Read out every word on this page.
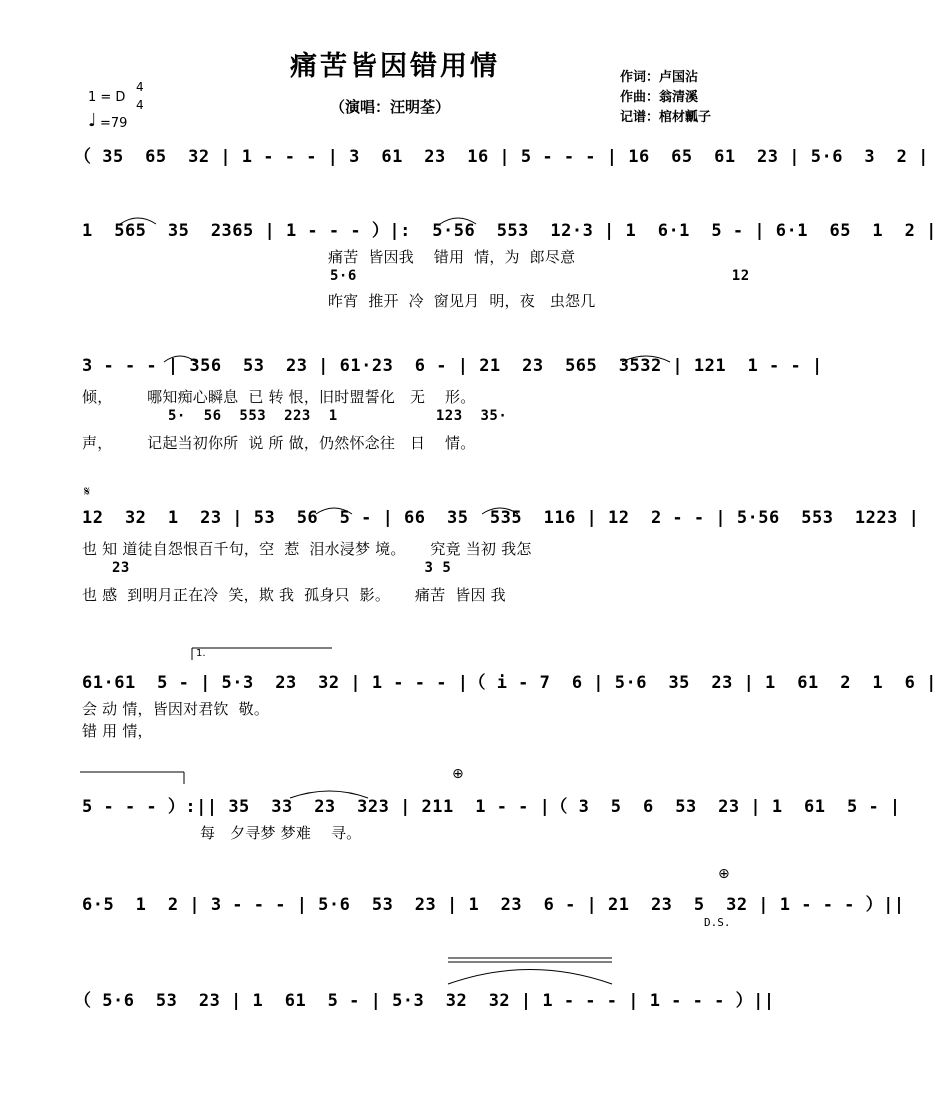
痛苦皆因错用情
（演唱：汪明荃）
作词：卢国沾
作曲：翁清溪
记谱：棺材瓤子
1 = D
4
4
♩ =79
（ 35  65  32 | 1 - - - | 3  61  23  16 | 5 - - - | 16  65  61  23 | 5·6  3  2 |
1  565  35  2365 | 1 - - - ）|:  5·56  553  12·3 | 1  6·1  5 - | 6·1  65  1  2 |
痛苦  皆因我    错用  情，为  郎尽意
5·6                                          12
昨宵  推开  冷  窗见月  明，夜   虫怨几
3 - - - | 356  53  23 | 61·23  6 - | 21  23  565  3532 | 121  1 - - |
倾，       哪知痴心瞬息  已 转 恨，旧时盟誓化   无    形。
5·  56  553  223  1           123  35·
声，       记起当初你所  说 所 做，仍然怀念往   日    情。
𝄋
12  32  1  23 | 53  56  5 - | 66  35  535  116 | 12  2 - - | 5·56  553  1223 |
也 知 道徒自怨恨百千句，空  惹  泪水浸梦 境。     究竟 当初 我怎
23                                 3 5
也 感  到明月正在冷  笑，欺 我  孤身只  影。     痛苦  皆因 我
1.
61·61  5 - | 5·3  23  32 | 1 - - - |（ i - 7  6 | 5·6  35  23 | 1  61  2  1  6 |
会 动 情，皆因对君钦  敬。
错 用 情，
5 - - - ）:|| 35  33  23  323 | 211  1 - - |（ 3  5  6  53  23 | 1  61  5 - |
每   夕寻梦 梦难    寻。
⊕
6·5  1  2 | 3 - - - | 5·6  53  23 | 1  23  6 - | 21  23  5  32 | 1 - - - ）||
⊕
D.S.
（ 5·6  53  23 | 1  61  5 - | 5·3  32  32 | 1 - - - | 1 - - - ）||
